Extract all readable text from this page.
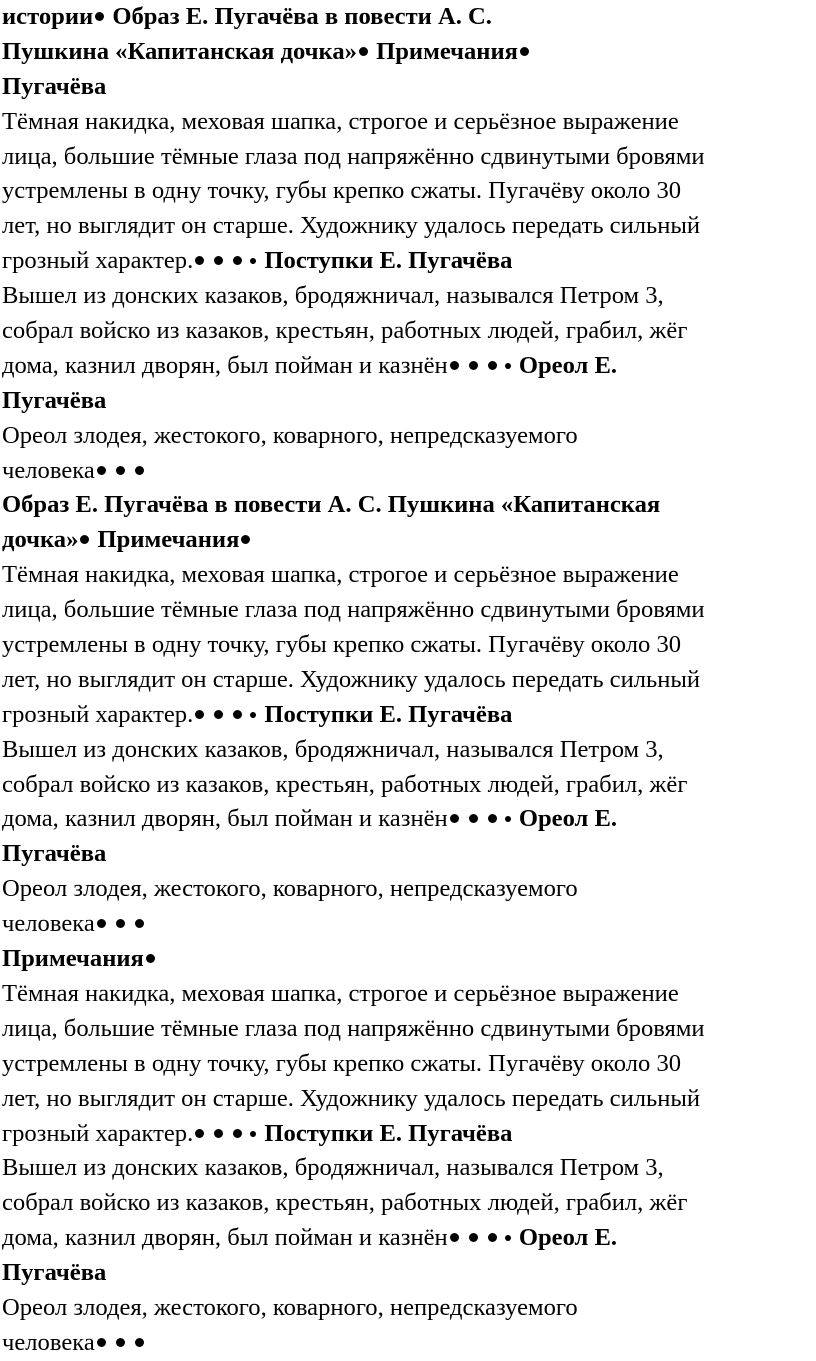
истории Образ Е. Пугачёва в повести А. С.
Пушкина «Капитанская дочка» Примечания
Пугачёва
Тёмная накидка, меховая шапка, строгое и серьёзное выражение
лица, большие тёмные глаза под напряжённо сдвинутыми бровями
устремлены в одну точку, губы крепко сжаты. Пугачёву около 30
лет, но выглядит он старше. Художнику удалось передать сильный
грозный характер.	Поступки Е. Пугачёва
Вышел из донских казаков, бродяжничал, назывался Петром 3,
собрал войско из казаков, крестьян, работных людей, грабил, жёг
дома, казнил дворян, был пойман и казнён	Ореол Е.
Пугачёва
Ореол злодея, жестокого, коварного, непредсказуемого
человека
Образ Е. Пугачёва в повести А. С. Пушкина «Капитанская
дочка» Примечания
Тёмная накидка, меховая шапка, строгое и серьёзное выражение
лица, большие тёмные глаза под напряжённо сдвинутыми бровями
устремлены в одну точку, губы крепко сжаты. Пугачёву около 30
лет, но выглядит он старше. Художнику удалось передать сильный
грозный характер.	Поступки Е. Пугачёва
Вышел из донских казаков, бродяжничал, назывался Петром 3,
собрал войско из казаков, крестьян, работных людей, грабил, жёг
дома, казнил дворян, был пойман и казнён	Ореол Е.
Пугачёва
Ореол злодея, жестокого, коварного, непредсказуемого
человека
Примечания
Тёмная накидка, меховая шапка, строгое и серьёзное выражение
лица, большие тёмные глаза под напряжённо сдвинутыми бровями
устремлены в одну точку, губы крепко сжаты. Пугачёву около 30
лет, но выглядит он старше. Художнику удалось передать сильный
грозный характер.	Поступки Е. Пугачёва
Вышел из донских казаков, бродяжничал, назывался Петром 3,
собрал войско из казаков, крестьян, работных людей, грабил, жёг
дома, казнил дворян, был пойман и казнён	Ореол Е.
Пугачёва
Ореол злодея, жестокого, коварного, непредсказуемого
человека
